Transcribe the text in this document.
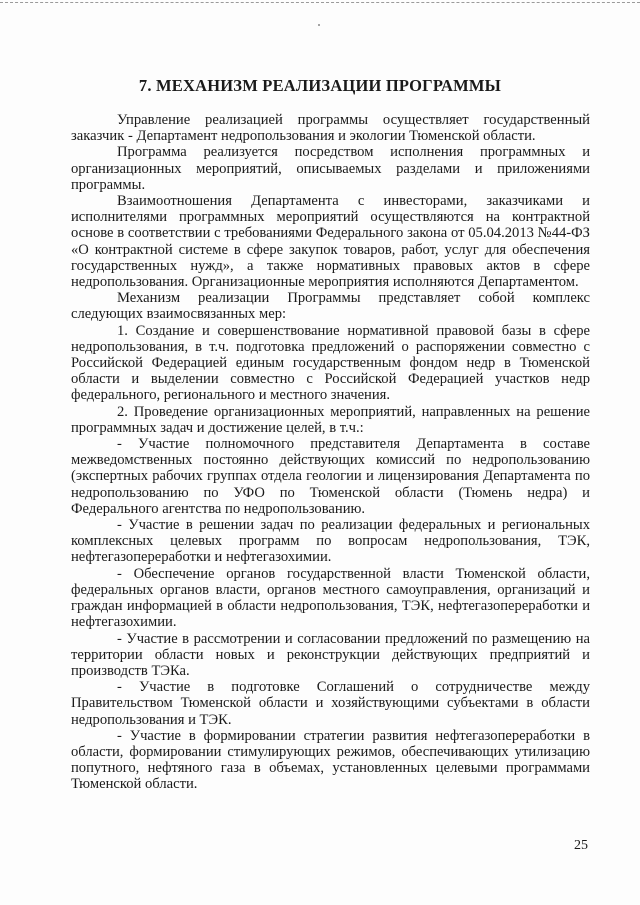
7. МЕХАНИЗМ РЕАЛИЗАЦИИ ПРОГРАММЫ

Управление реализацией программы осуществляет государственный заказчик - Департамент недропользования и экологии Тюменской области.

Программа реализуется посредством исполнения программных и организационных мероприятий, описываемых разделами и приложениями программы.

Взаимоотношения Департамента с инвесторами, заказчиками и исполнителями программных мероприятий осуществляются на контрактной основе в соответствии с требованиями Федерального закона от 05.04.2013 №44-ФЗ «О контрактной системе в сфере закупок товаров, работ, услуг для обеспечения государственных нужд», а также нормативных правовых актов в сфере недропользования. Организационные мероприятия исполняются Департаментом.

Механизм реализации Программы представляет собой комплекс следующих взаимосвязанных мер:

1. Создание и совершенствование нормативной правовой базы в сфере недропользования, в т.ч. подготовка предложений о распоряжении совместно с Российской Федерацией единым государственным фондом недр в Тюменской области и выделении совместно с Российской Федерацией участков недр федерального, регионального и местного значения.

2. Проведение организационных мероприятий, направленных на решение программных задач и достижение целей, в т.ч.:

- Участие полномочного представителя Департамента в составе межведомственных постоянно действующих комиссий по недропользованию (экспертных рабочих группах отдела геологии и лицензирования Департамента по недропользованию по УФО по Тюменской области (Тюмень недра) и Федерального агентства по недропользованию.

- Участие в решении задач по реализации федеральных и региональных комплексных целевых программ по вопросам недропользования, ТЭК, нефтегазопереработки и нефтегазохимии.

- Обеспечение органов государственной власти Тюменской области, федеральных органов власти, органов местного самоуправления, организаций и граждан информацией в области недропользования, ТЭК, нефтегазопереработки и нефтегазохимии.

- Участие в рассмотрении и согласовании предложений по размещению на территории области новых и реконструкции действующих предприятий и производств ТЭКа.

- Участие в подготовке Соглашений о сотрудничестве между Правительством Тюменской области и хозяйствующими субъектами в области недропользования и ТЭК.

- Участие в формировании стратегии развития нефтегазопереработки в области, формировании стимулирующих режимов, обеспечивающих утилизацию попутного, нефтяного газа в объемах, установленных целевыми программами Тюменской области.

25
